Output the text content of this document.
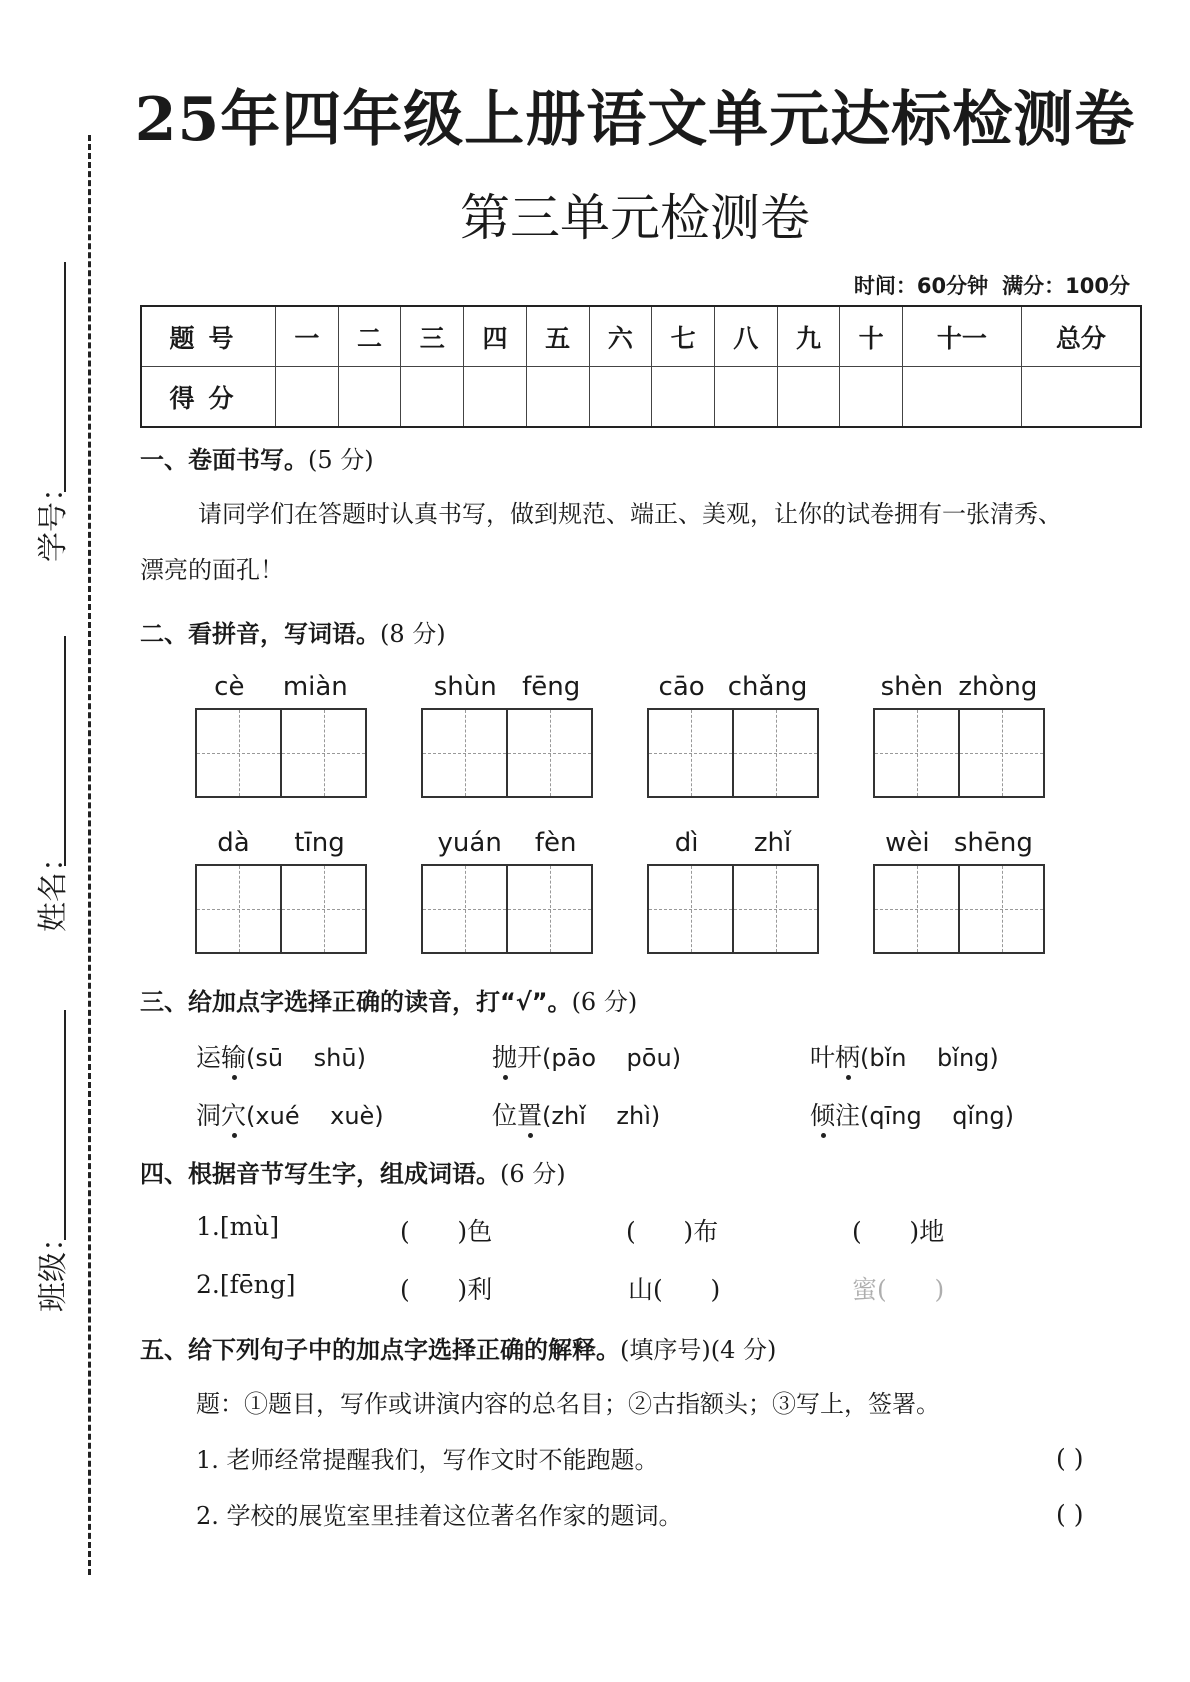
学号：
姓名：
班级：
25年四年级上册语文单元达标检测卷
第三单元检测卷
时间：60分钟 满分：100分
题号	一	二	三	四	五	六	七	八	九	十	十一	总分
得分												
一、卷面书写。(5 分)
请同学们在答题时认真书写，做到规范、端正、美观，让你的试卷拥有一张清秀、
漂亮的面孔！
二、看拼音，写词语。(8 分)
cè miàn	shùn fēng	cāo chǎng	shèn zhòng
dà tīng	yuán fèn	dì zhǐ	wèi shēng
三、给加点字选择正确的读音，打“√”。(6 分)
运输(sū shū)	抛开(pāo pōu)	叶柄(bǐn bǐng)
洞穴(xué xuè)	位置(zhǐ zhì)	倾注(qīng qǐng)
四、根据音节写生字，组成词语。(6 分)
1.[mù]	(      )色	(      )布	(      )地
2.[fēng]	(      )利	山(      )	蜜(      )
五、给下列句子中的加点字选择正确的解释。(填序号)(4 分)
题：①题目，写作或讲演内容的总名目；②古指额头；③写上，签署。
1. 老师经常提醒我们，写作文时不能跑题。	( )
2. 学校的展览室里挂着这位著名作家的题词。	( )
